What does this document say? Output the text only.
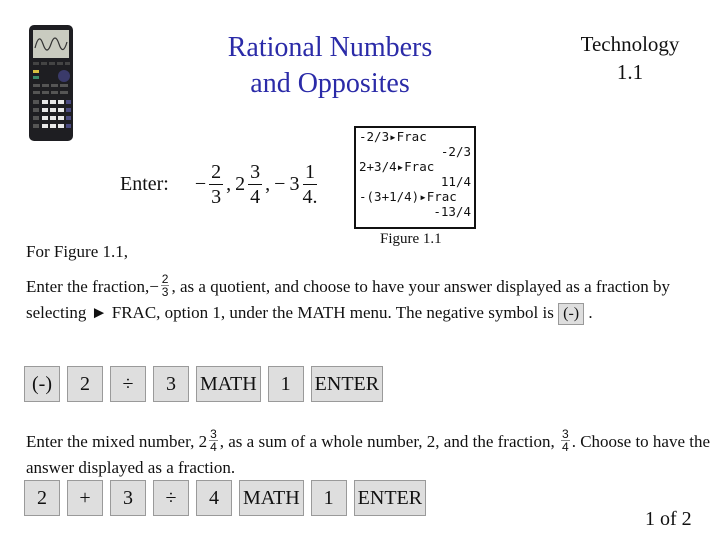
Rational Numbers
and Opposites
Technology
1.1
Enter: − $\frac{2}{3}$ , $2 \frac{3}{4}$ , − $3 \frac{1}{4.}$
-2/3▸Frac
-2/3
2+3/4▸Frac
11/4
-(3+1/4)▸Frac
-13/4
Figure 1.1
For Figure 1.1,
Enter the fraction,− $\frac{2}{3}$ , as a quotient, and choose to have your answer displayed as a fraction by selecting ► FRAC, option 1, under the MATH menu. The negative symbol is (-) .
(-)	2	÷	3	MATH	1	ENTER
Enter the mixed number, $2 \frac{3}{4}$ , as a sum of a whole number, 2, and the fraction, $\frac{3}{4}$ . Choose to have the answer displayed as a fraction.
2	+	3	÷	4	MATH	1	ENTER
1 of 2
